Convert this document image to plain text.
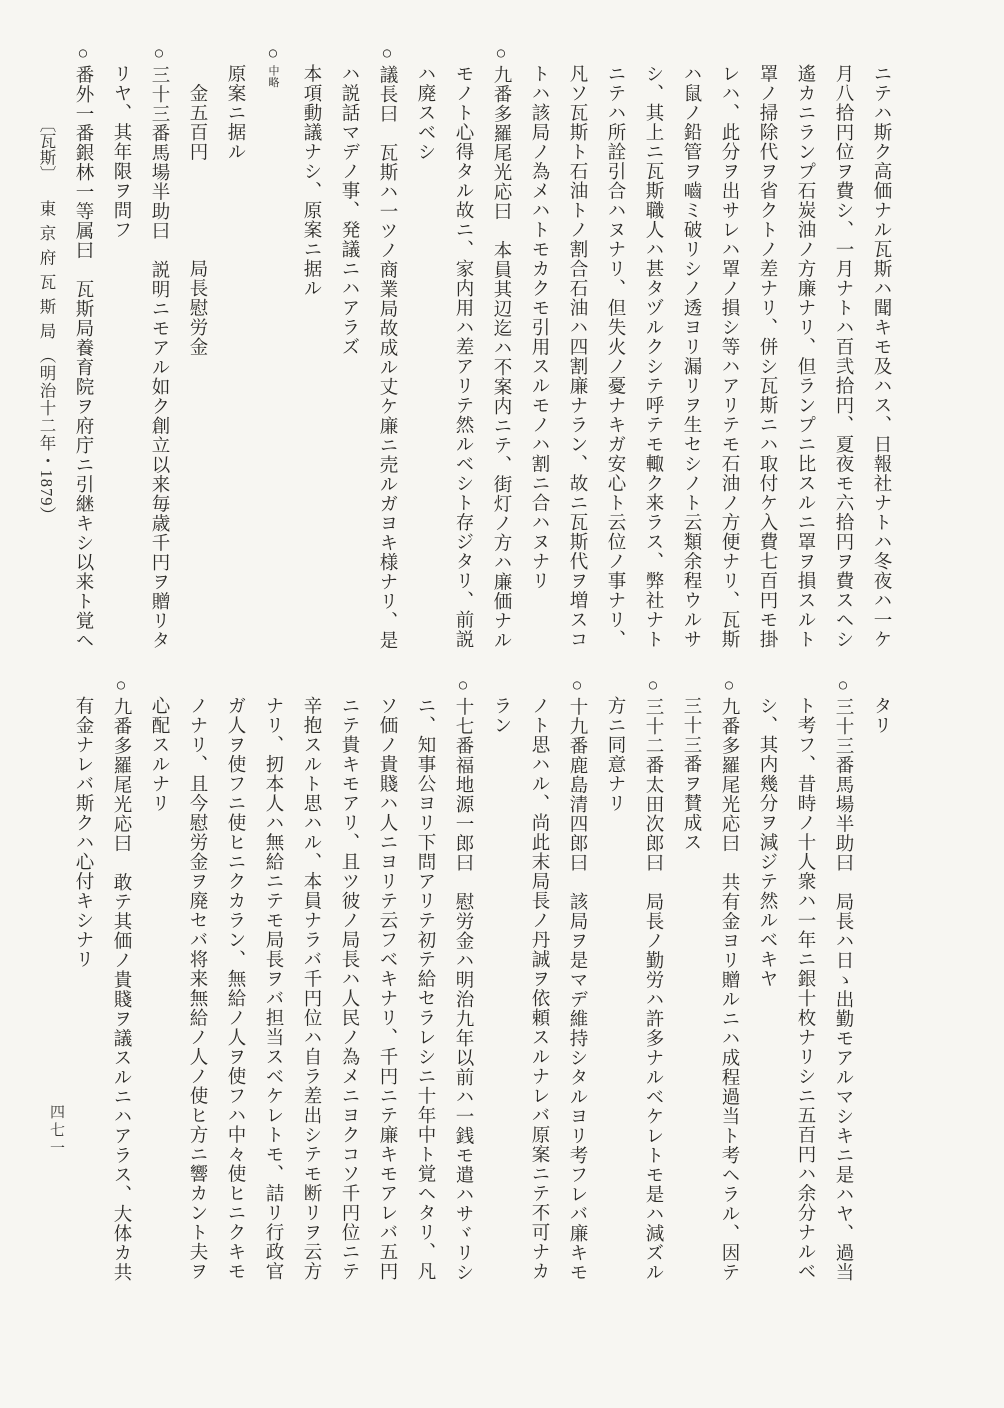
ニテハ斯ク高価ナル瓦斯ハ聞キモ及ハス、日報社ナトハ冬夜ハ一ケ
月八拾円位ヲ費シ、一月ナトハ百弐拾円、夏夜モ六拾円ヲ費スヘシ
遙カニランプ石炭油ノ方廉ナリ、但ランプニ比スルニ罩ヲ損スルト
罩ノ掃除代ヲ省クトノ差ナリ、併シ瓦斯ニハ取付ケ入費七百円モ掛
レハ、此分ヲ出サレハ罩ノ損シ等ハアリテモ石油ノ方便ナリ、瓦斯
ハ鼠ノ鉛管ヲ嚙ミ破リシノ透ヨリ漏リヲ生セシノト云類余程ウルサ
シ、其上ニ瓦斯職人ハ甚タヅルクシテ呼テモ輙ク来ラス、弊社ナト
ニテハ所詮引合ハヌナリ、但失火ノ憂ナキガ安心ト云位ノ事ナリ、
凡ソ瓦斯ト石油トノ割合石油ハ四割廉ナラン、故ニ瓦斯代ヲ増スコ
トハ該局ノ為メハトモカクモ引用スルモノハ割ニ合ハヌナリ
○九番多羅尾光応曰　本員其辺迄ハ不案内ニテ、街灯ノ方ハ廉価ナル
モノト心得タル故ニ、家内用ハ差アリテ然ルベシト存ジタリ、前説
ハ廃スベシ
○議長曰　瓦斯ハ一ツノ商業局故成ル丈ケ廉ニ売ルガヨキ様ナリ、是
ハ説話マデノ事、発議ニハアラズ
本項動議ナシ、原案ニ据ル
○中略
原案ニ据ル
　金五百円　　　　　局長慰労金
○三十三番馬場半助曰　説明ニモアル如ク創立以来毎歳千円ヲ贈リタ
リヤ、其年限ヲ問フ
○番外一番銀林一等属曰　瓦斯局養育院ヲ府庁ニ引継キシ以来ト覚ヘ
タリ
○三十三番馬場半助曰　局長ハ日ゝ出勤モアルマシキニ是ハヤ、過当
ト考フ、昔時ノ十人衆ハ一年ニ銀十枚ナリシニ五百円ハ余分ナルベ
シ、其内幾分ヲ減ジテ然ルベキヤ
○九番多羅尾光応曰　共有金ヨリ贈ルニハ成程過当ト考ヘラル、因テ
三十三番ヲ賛成ス
○三十二番太田次郎曰　局長ノ勤労ハ許多ナルベケレトモ是ハ減ズル
方ニ同意ナリ
○十九番鹿島清四郎曰　該局ヲ是マデ維持シタルヨリ考フレバ廉キモ
ノト思ハル、尚此末局長ノ丹誠ヲ依頼スルナレバ原案ニテ不可ナカ
ラン
○十七番福地源一郎曰　慰労金ハ明治九年以前ハ一銭モ遣ハサヾリシ
ニ、知事公ヨリ下問アリテ初テ給セラレシニ十年中ト覚ヘタリ、凡
ソ価ノ貴賤ハ人ニヨリテ云フベキナリ、千円ニテ廉キモアレバ五円
ニテ貴キモアリ、且ツ彼ノ局長ハ人民ノ為メニヨクコソ千円位ニテ
辛抱スルト思ハル、本員ナラバ千円位ハ自ラ差出シテモ断リヲ云方
ナリ、扨本人ハ無給ニテモ局長ヲバ担当スベケレトモ、詰リ行政官
ガ人ヲ使フニ使ヒニクカラン、無給ノ人ヲ使フハ中々使ヒニクキモ
ノナリ、且今慰労金ヲ廃セバ将来無給ノ人ノ使ヒ方ニ響カント夫ヲ
心配スルナリ
○九番多羅尾光応曰　敢テ其価ノ貴賤ヲ議スルニハアラス、大体カ共
有金ナレバ斯クハ心付キシナリ
〔瓦斯〕東京府瓦斯局（明治十二年・1879）
四七一
